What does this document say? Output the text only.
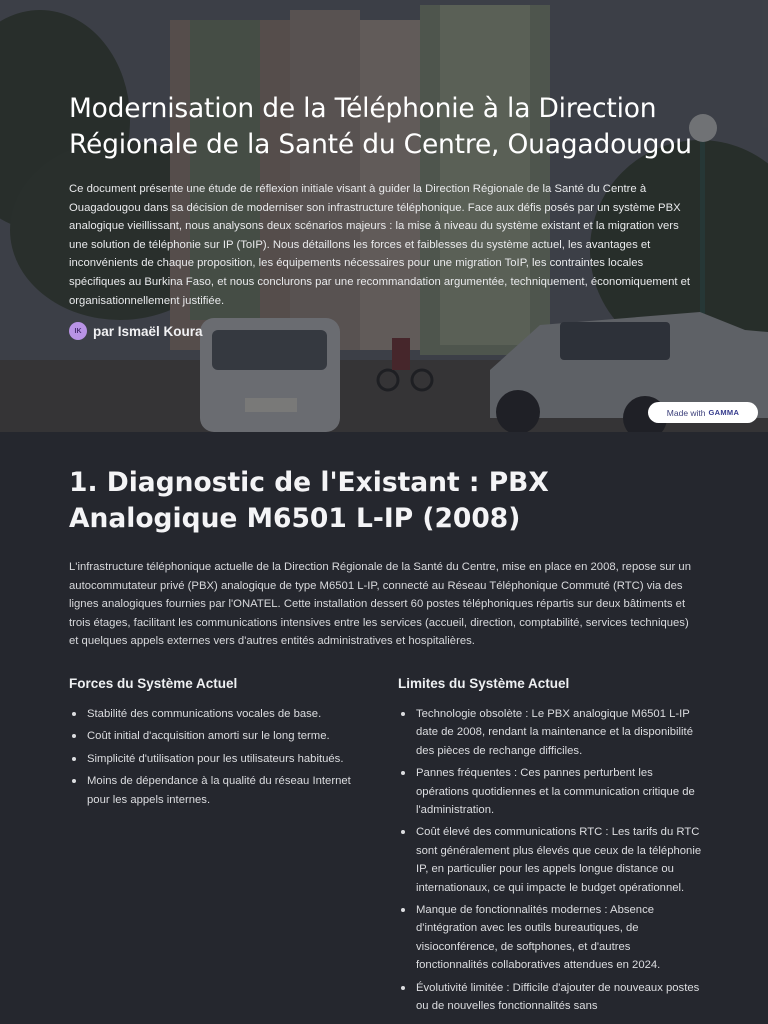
Modernisation de la Téléphonie à la Direction Régionale de la Santé du Centre, Ouagadougou

Ce document présente une étude de réflexion initiale visant à guider la Direction Régionale de la Santé du Centre à Ouagadougou dans sa décision de moderniser son infrastructure téléphonique. Face aux défis posés par un système PBX analogique vieillissant, nous analysons deux scénarios majeurs : la mise à niveau du système existant et la migration vers une solution de téléphonie sur IP (ToIP). Nous détaillons les forces et faiblesses du système actuel, les avantages et inconvénients de chaque proposition, les équipements nécessaires pour une migration ToIP, les contraintes locales spécifiques au Burkina Faso, et nous conclurons par une recommandation argumentée, techniquement, économiquement et organisationnellement justifiée.

IK par Ismaël Koura
Made with GAMMA
1. Diagnostic de l'Existant : PBX Analogique M6501 L-IP (2008)

L'infrastructure téléphonique actuelle de la Direction Régionale de la Santé du Centre, mise en place en 2008, repose sur un autocommutateur privé (PBX) analogique de type M6501 L-IP, connecté au Réseau Téléphonique Commuté (RTC) via des lignes analogiques fournies par l'ONATEL. Cette installation dessert 60 postes téléphoniques répartis sur deux bâtiments et trois étages, facilitant les communications intensives entre les services (accueil, direction, comptabilité, services techniques) et quelques appels externes vers d'autres entités administratives et hospitalières.

Forces du Système Actuel
Stabilité des communications vocales de base.
Coût initial d'acquisition amorti sur le long terme.
Simplicité d'utilisation pour les utilisateurs habitués.
Moins de dépendance à la qualité du réseau Internet pour les appels internes.
Limites du Système Actuel
Technologie obsolète : Le PBX analogique M6501 L-IP date de 2008, rendant la maintenance et la disponibilité des pièces de rechange difficiles.
Pannes fréquentes : Ces pannes perturbent les opérations quotidiennes et la communication critique de l'administration.
Coût élevé des communications RTC : Les tarifs du RTC sont généralement plus élevés que ceux de la téléphonie IP, en particulier pour les appels longue distance ou internationaux, ce qui impacte le budget opérationnel.
Manque de fonctionnalités modernes : Absence d'intégration avec les outils bureautiques, de visioconférence, de softphones, et d'autres fonctionnalités collaboratives attendues en 2024.
Évolutivité limitée : Difficile d'ajouter de nouveaux postes ou de nouvelles fonctionnalités sans
